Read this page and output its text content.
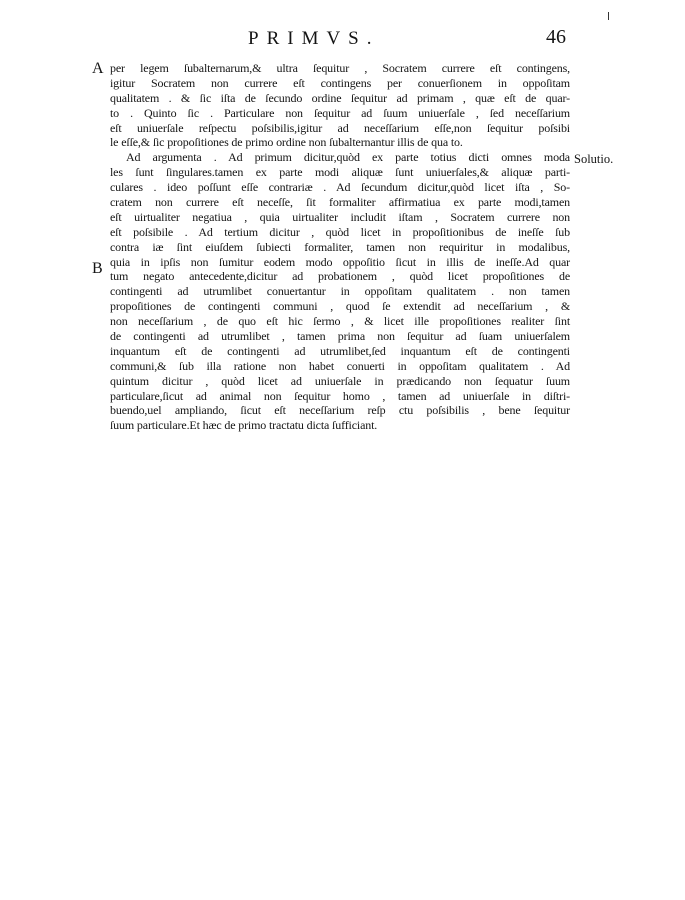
PRIMVS.	46
A
B
Solutio.
per legem ſubalternarum,& ultra ſequitur , Socratem currere eſt contingens,
igitur Socratem non currere eſt contingens per conuerſionem in oppoſitam
qualitatem . & ſic iſta de ſecundo ordine ſequitur ad primam , quæ eſt de quar-
to . Quinto ſic . Particulare non ſequitur ad ſuum uniuerſale , ſed neceſſarium
eſt uniuerſale reſpectu poſsibilis,igitur ad neceſſarium eſſe,non ſequitur poſsibi
le eſſe,& ſic propoſitiones de primo ordine non ſubalternantur illis de qua to.
Ad argumenta . Ad primum dicitur,quòd ex parte totius dicti omnes moda
les ſunt ſingulares.tamen ex parte modi aliquæ ſunt uniuerſales,& aliquæ parti-
culares . ideo poſſunt eſſe contrariæ . Ad ſecundum dicitur,quòd licet iſta , So-
cratem non currere eſt neceſſe, ſit formaliter affirmatiua ex parte modi,tamen
eſt uirtualiter negatiua , quia uirtualiter includit iſtam , Socratem currere non
eſt poſsibile . Ad tertium dicitur , quòd licet in propoſitionibus de ineſſe ſub
contra iæ ſint eiuſdem ſubiecti formaliter, tamen non requiritur in modalibus,
quia in ipſis non ſumitur eodem modo oppoſitio ſicut in illis de ineſſe.Ad quar
tum negato antecedente,dicitur ad probationem , quòd licet propoſitiones de
contingenti ad utrumlibet conuertantur in oppoſitam qualitatem . non tamen
propoſitiones de contingenti communi , quod ſe extendit ad neceſſarium , &
non neceſſarium , de quo eſt hic ſermo , & licet ille propoſitiones realiter ſint
de contingenti ad utrumlibet , tamen prima non ſequitur ad ſuam uniuerſalem
inquantum eſt de contingenti ad utrumlibet,ſed inquantum eſt de contingenti
communi,& ſub illa ratione non habet conuerti in oppoſitam qualitatem . Ad
quintum dicitur , quòd licet ad uniuerſale in prædicando non ſequatur ſuum
particulare,ſicut ad animal non ſequitur homo , tamen ad uniuerſale in diſtri-
buendo,uel ampliando, ſicut eſt neceſſarium reſp ctu poſsibilis , bene ſequitur
ſuum particulare.Et hæc de primo tractatu dicta ſufficiant.
